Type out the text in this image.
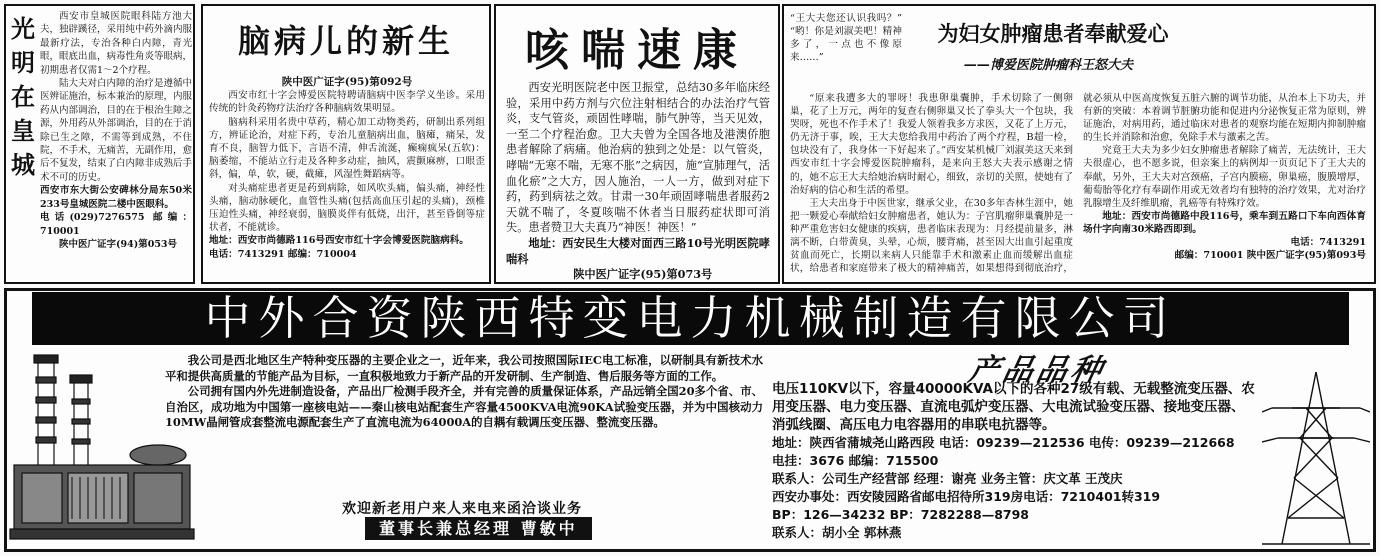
光
明
在
皇
城

西安市皇城医院眼科陆方池大夫，独辟蹊径，采用纯中药外滴内服最新疗法，专治各种白内障，青光眼，眼底出血，病毒性角炎等眼病，初期患者仅需1～2个疗程。

陆大夫对白内障的治疗是遵循中医辨证施治，标本兼治的原理，内服药从内部调治，目的在于根治生障之源，外用药从外部调治，目的在于消除已生之障，不需等到成熟，不住院，不手术，无痛苦，无副作用，愈后不复发，结束了白内障非成熟后手术不可的历史。

西安市东大街公安碑林分局东50米233号皇城医院二楼中医眼科。
电话(029)7276575 邮编：710001
陕中医广证字(94)第053号
脑病儿的新生
陕中医广证字(95)第092号

西安市红十字会博爱医院特聘请脑病中医李学义坐诊。采用传统的针灸药物疗法治疗各种脑病效果明显。

脑病科采用名贵中草药，精心加工动物类药，研制出系列组方，辨证论治，对症下药，专治儿童脑病出血，脑瘫，痛呆，发育不良，脑智力低下，言语不清，伸舌流涎，癫痫疯呆(五软)：脑萎缩，不能站立行走及各种多动症，抽风，震颤麻痹，口眼歪斜，偏，单，软，硬，截瘫，风湿性舞蹈病等。

对头痛症患者更是药到病除，如风吹头痛，偏头痛，神经性头痛，脑动脉硬化，血管性头痛(包括高血压引起的头痛)，颈椎压迫性头痛，神经衰弱，脑膜炎伴有低烧，出汗，甚至昏倒等症状者，不能就诊。

地址：西安市尚德路116号西安市红十字会博爱医院脑病科。
电话：7413291 邮编：710004
咳喘速康

西安光明医院老中医卫振堂，总结30多年临床经验，采用中药方剂与穴位注射相结合的办法治疗气管炎，支气管炎，顽固性哮喘，肺气肿等，当天见效，一至二个疗程治愈。卫大夫曾为全国各地及港澳侨胞患者解除了病痛。他治病的独到之处是：以气管炎，哮喘“无寒不喘，无寒不胀”之病因，施“宣肺理气，活血化瘀”之大方，因人施治，一人一方，做到对症下药，药到病祛之效。甘肃一30年顽固哮喘患者服药2天就不喘了，冬夏咳喘不休者当日服药症状即可消失。患者赞卫大夫真乃“神医！神医！”

地址：西安民生大楼对面西三路10号光明医院哮喘科
陕中医广证字(95)第073号
“王大夫您还认识我吗？” “哟！你是刘淑美吧！精神多了，一点也不像原来……”
为妇女肿瘤患者奉献爱心
——博爱医院肿瘤科王怒大夫

“原来我遭多大的罪呀！我患卵巢囊肿，手术切除了一侧卵巢，花了上万元，两年的复查右侧卵巢又长了拳头大一个包块，我哭呀，死也不作手术了！我爱人领着我多方求医，又花了上万元，仍无济于事，唉，王大夫您给我用中药治了两个疗程，B超一检，包块没有了，我身体一下好起来了。”西安某机械厂刘淑美这天来到西安市红十字会博爱医院肿瘤科，是来向王怒大夫表示感谢之情的，她不忘王大夫给她治病时耐心，细致，亲切的关照，使她有了治好病的信心和生活的希望。

王大夫出身于中医世家，继承父业，在30多年杏林生涯中，她把一颗爱心奉献给妇女肿瘤患者，她认为：子宫肌瘤卵巢囊肿是一种严重危害妇女健康的疾病，患者临床表现为：月经提前量多，淋漓不断，白带黄臭，头晕，心烦，腰背痛，甚至因大出血引起重度贫血而死亡，长期以来病人只能靠手术和激素止血而缓解出血症状，给患者和家庭带来了极大的精神痛苦，如果想得到彻底治疗，就必须从中医高度恢复五脏六腑的调节功能，从治本上下功夫，并有新的突破：本着调节脏腑功能和促进内分泌恢复正常为原则，辨证施治，对病用药，通过临床对患者的观察均能在短期内抑制肿瘤的生长并消除和治愈，免除手术与激素之苦。

究竟王大夫为多少妇女肿瘤患者解除了痛苦，无法统计，王大夫很虚心，也不愿多说，但亲案上的病例却一页页记下了王大夫的奉献，另外，王大夫对宫颈癌，子宫内膜癌，卵巢癌，腹膜增厚，葡萄胎等化疗有奉副作用或无效者均有独特的治疗效果，尤对治疗乳腺增生及纤维肌瘤，乳癌等有特殊疗效。

地址：西安市尚德路中段116号，乘车到五路口下车向西体育场什字向南30米路西即到。
电话：7413291
邮编：710001 陕中医广证字(95)第093号
中外合资陕西特变电力机械制造有限公司

我公司是西北地区生产特种变压器的主要企业之一，近年来，我公司按照国际IEC电工标准，以研制具有新技术水平和提供高质量的节能产品为目标，一直积极地致力于新产品的开发研制、生产制造、售后服务等方面的工作。

公司拥有国内外先进制造设备，产品出厂检测手段齐全，并有完善的质量保证体系，产品远销全国20多个省、市、自治区，成功地为中国第一座核电站——秦山核电站配套生产容量4500KVA电流90KA试验变压器，并为中国核动力10MW晶闸管成套整流电源配套生产了直流电流为64000A的自耦有载调压变压器、整流变压器。

欢迎新老用户来人来电来函洽谈业务
董事长兼总经理 曹敏中
产品品种
电压110KV以下，容量40000KVA以下的各种27级有载、无载整流变压器、农用变压器、电力变压器、直流电弧炉变压器、大电流试验变压器、接地变压器、消弧线圈、高压电力电容器用的串联电抗器等。
地址：陕西省蒲城尧山路西段 电话：09239—212536 电传：09239—212668
电挂：3676 邮编：715500
联系人：公司生产经营部 经理：谢亮 业务主管：庆文革 王茂庆
西安办事处：西安陵园路省邮电招待所319房电话：7210401转319
BP：126—34232 BP：7282288—8798
联系人：胡小全 郭林燕
